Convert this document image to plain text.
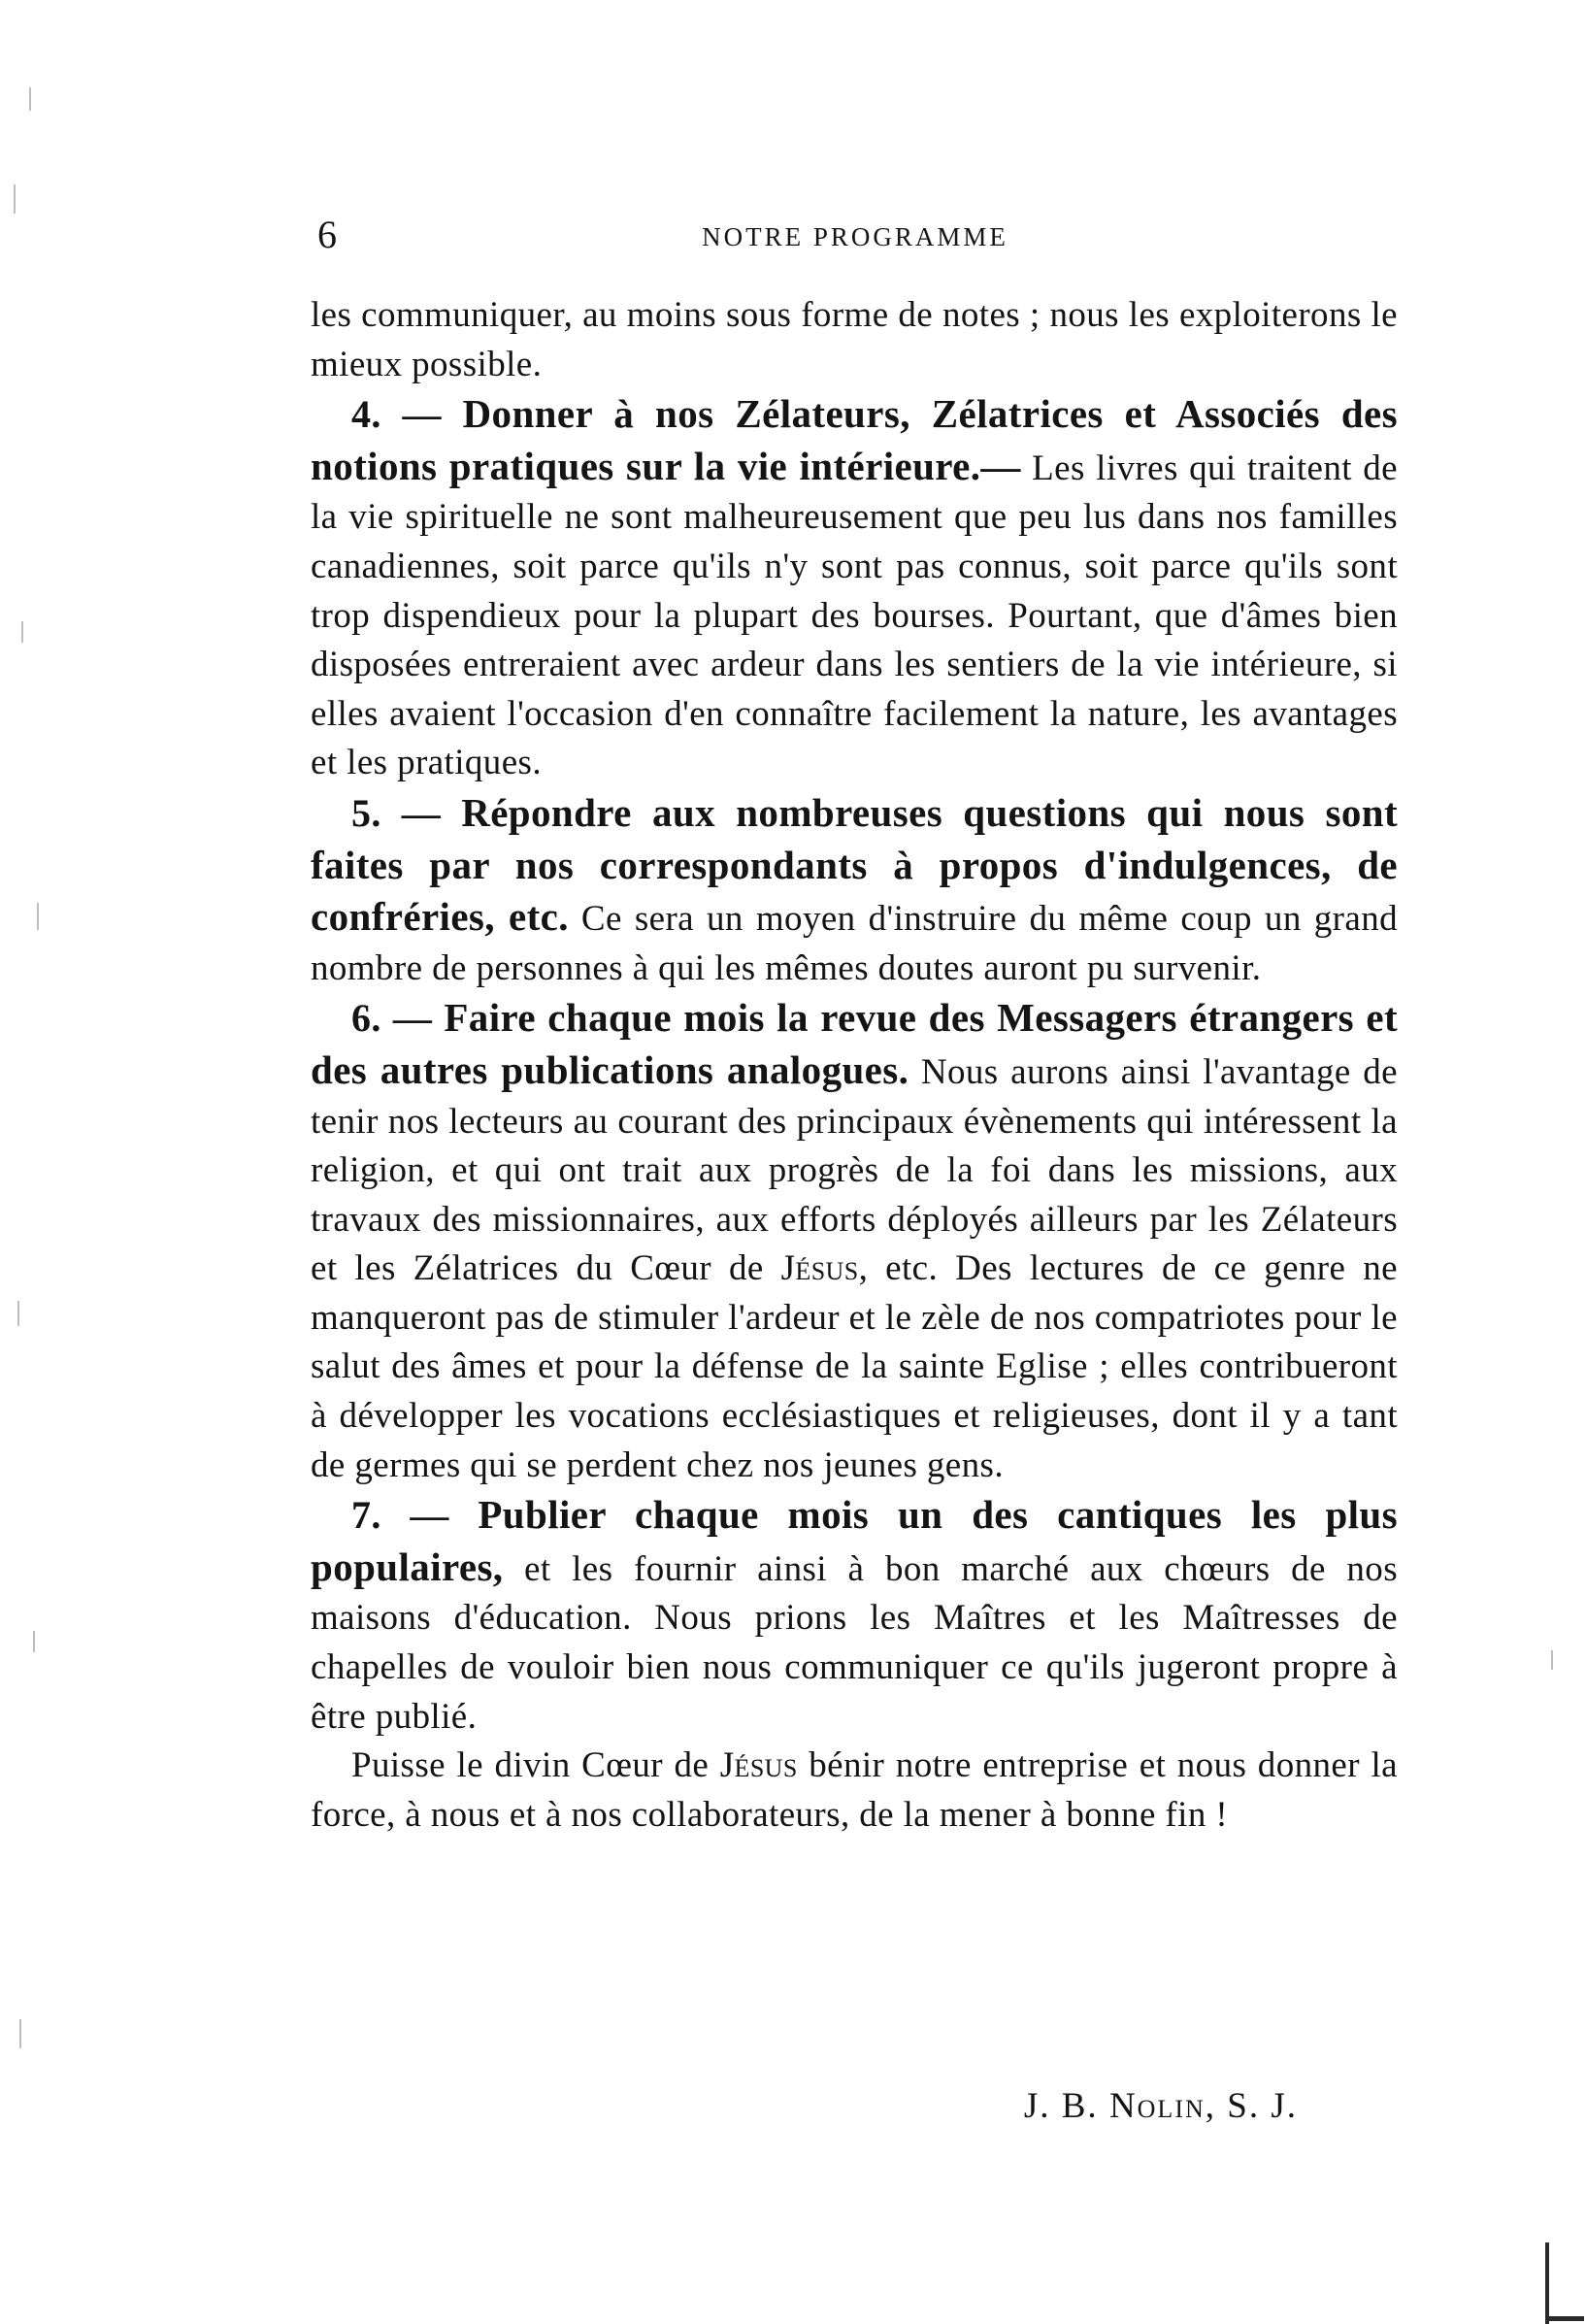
6	NOTRE PROGRAMME

les communiquer, au moins sous forme de notes ; nous les exploiterons le mieux possible.

4. — Donner à nos Zélateurs, Zélatrices et Associés des notions pratiques sur la vie intérieure.— Les livres qui traitent de la vie spirituelle ne sont malheureusement que peu lus dans nos familles canadiennes, soit parce qu'ils n'y sont pas connus, soit parce qu'ils sont trop dispendieux pour la plupart des bourses. Pourtant, que d'âmes bien disposées entreraient avec ardeur dans les sentiers de la vie intérieure, si elles avaient l'occasion d'en connaître facilement la nature, les avantages et les pratiques.

5. — Répondre aux nombreuses questions qui nous sont faites par nos correspondants à propos d'indulgences, de confréries, etc. Ce sera un moyen d'instruire du même coup un grand nombre de personnes à qui les mêmes doutes auront pu survenir.

6. — Faire chaque mois la revue des Messagers étrangers et des autres publications analogues. Nous aurons ainsi l'avantage de tenir nos lecteurs au courant des principaux évènements qui intéressent la religion, et qui ont trait aux progrès de la foi dans les missions, aux travaux des missionnaires, aux efforts déployés ailleurs par les Zélateurs et les Zélatrices du Cœur de Jésus, etc. Des lectures de ce genre ne manqueront pas de stimuler l'ardeur et le zèle de nos compatriotes pour le salut des âmes et pour la défense de la sainte Eglise ; elles contribueront à développer les vocations ecclésiastiques et religieuses, dont il y a tant de germes qui se perdent chez nos jeunes gens.

7. — Publier chaque mois un des cantiques les plus populaires, et les fournir ainsi à bon marché aux chœurs de nos maisons d'éducation. Nous prions les Maîtres et les Maîtresses de chapelles de vouloir bien nous communiquer ce qu'ils jugeront propre à être publié.

Puisse le divin Cœur de Jésus bénir notre entreprise et nous donner la force, à nous et à nos collaborateurs, de la mener à bonne fin !

J. B. Nolin, S. J.
